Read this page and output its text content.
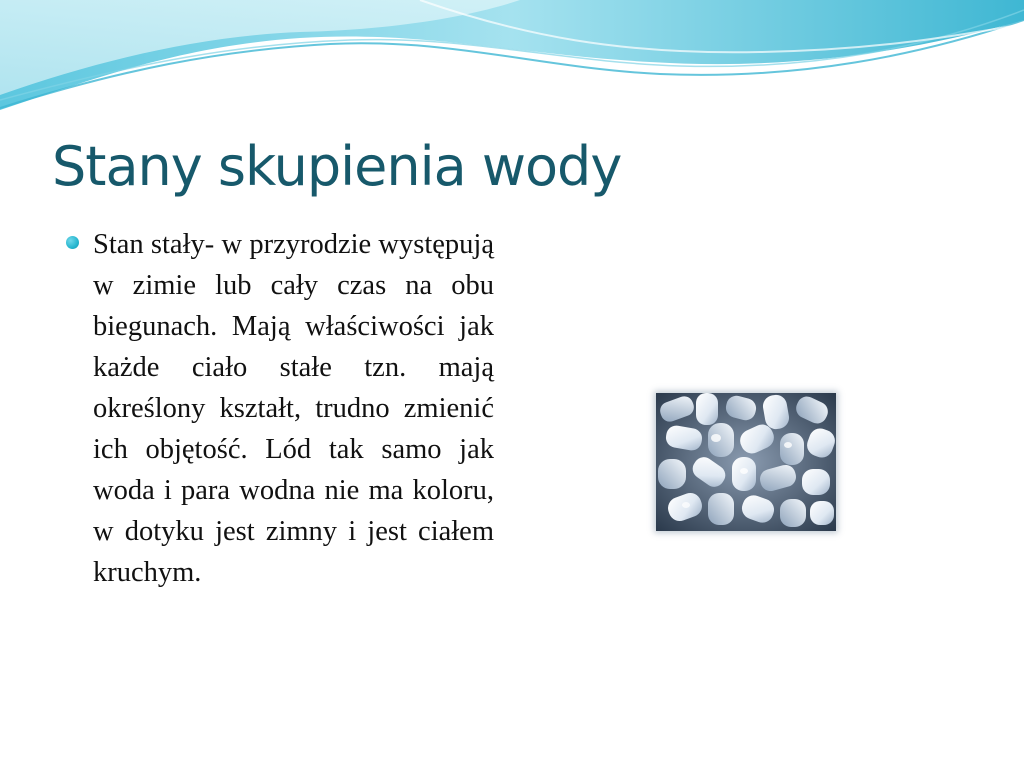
Stany skupienia wody
Stan stały- w przyrodzie występują w zimie lub cały czas na obu biegunach. Mają właściwości jak każde ciało stałe tzn. mają określony kształt, trudno zmienić ich objętość. Lód tak samo jak woda i para wodna nie ma koloru, w dotyku jest zimny i jest ciałem kruchym.
